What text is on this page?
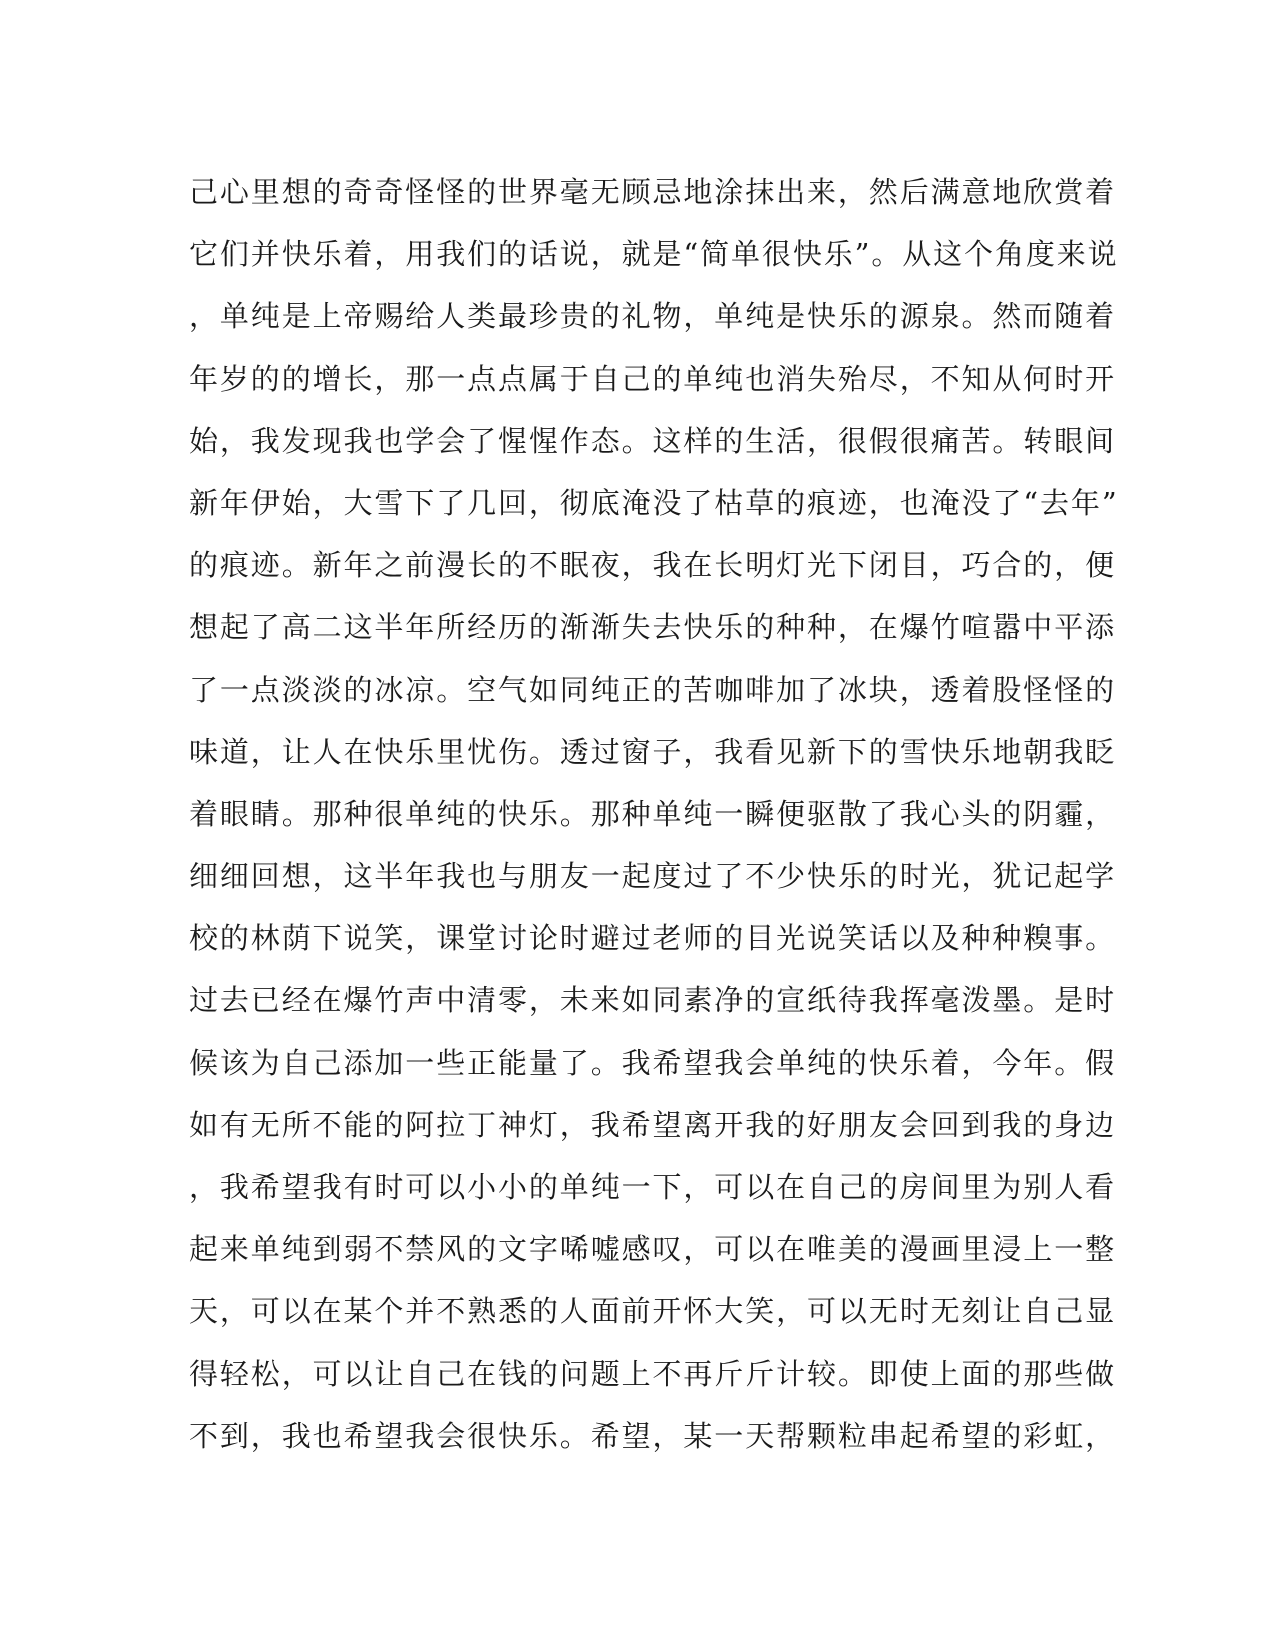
己心里想的奇奇怪怪的世界毫无顾忌地涂抹出来，然后满意地欣赏着
它们并快乐着，用我们的话说，就是“简单很快乐”。从这个角度来说
，单纯是上帝赐给人类最珍贵的礼物，单纯是快乐的源泉。然而随着
年岁的的增长，那一点点属于自己的单纯也消失殆尽，不知从何时开
始，我发现我也学会了惺惺作态。这样的生活，很假很痛苦。转眼间
新年伊始，大雪下了几回，彻底淹没了枯草的痕迹，也淹没了“去年”
的痕迹。新年之前漫长的不眠夜，我在长明灯光下闭目，巧合的，便
想起了高二这半年所经历的渐渐失去快乐的种种，在爆竹喧嚣中平添
了一点淡淡的冰凉。空气如同纯正的苦咖啡加了冰块，透着股怪怪的
味道，让人在快乐里忧伤。透过窗子，我看见新下的雪快乐地朝我眨
着眼睛。那种很单纯的快乐。那种单纯一瞬便驱散了我心头的阴霾，
细细回想，这半年我也与朋友一起度过了不少快乐的时光，犹记起学
校的林荫下说笑，课堂讨论时避过老师的目光说笑话以及种种糗事。
过去已经在爆竹声中清零，未来如同素净的宣纸待我挥毫泼墨。是时
候该为自己添加一些正能量了。我希望我会单纯的快乐着，今年。假
如有无所不能的阿拉丁神灯，我希望离开我的好朋友会回到我的身边
，我希望我有时可以小小的单纯一下，可以在自己的房间里为别人看
起来单纯到弱不禁风的文字唏嘘感叹，可以在唯美的漫画里浸上一整
天，可以在某个并不熟悉的人面前开怀大笑，可以无时无刻让自己显
得轻松，可以让自己在钱的问题上不再斤斤计较。即使上面的那些做
不到，我也希望我会很快乐。希望，某一天帮颗粒串起希望的彩虹，
